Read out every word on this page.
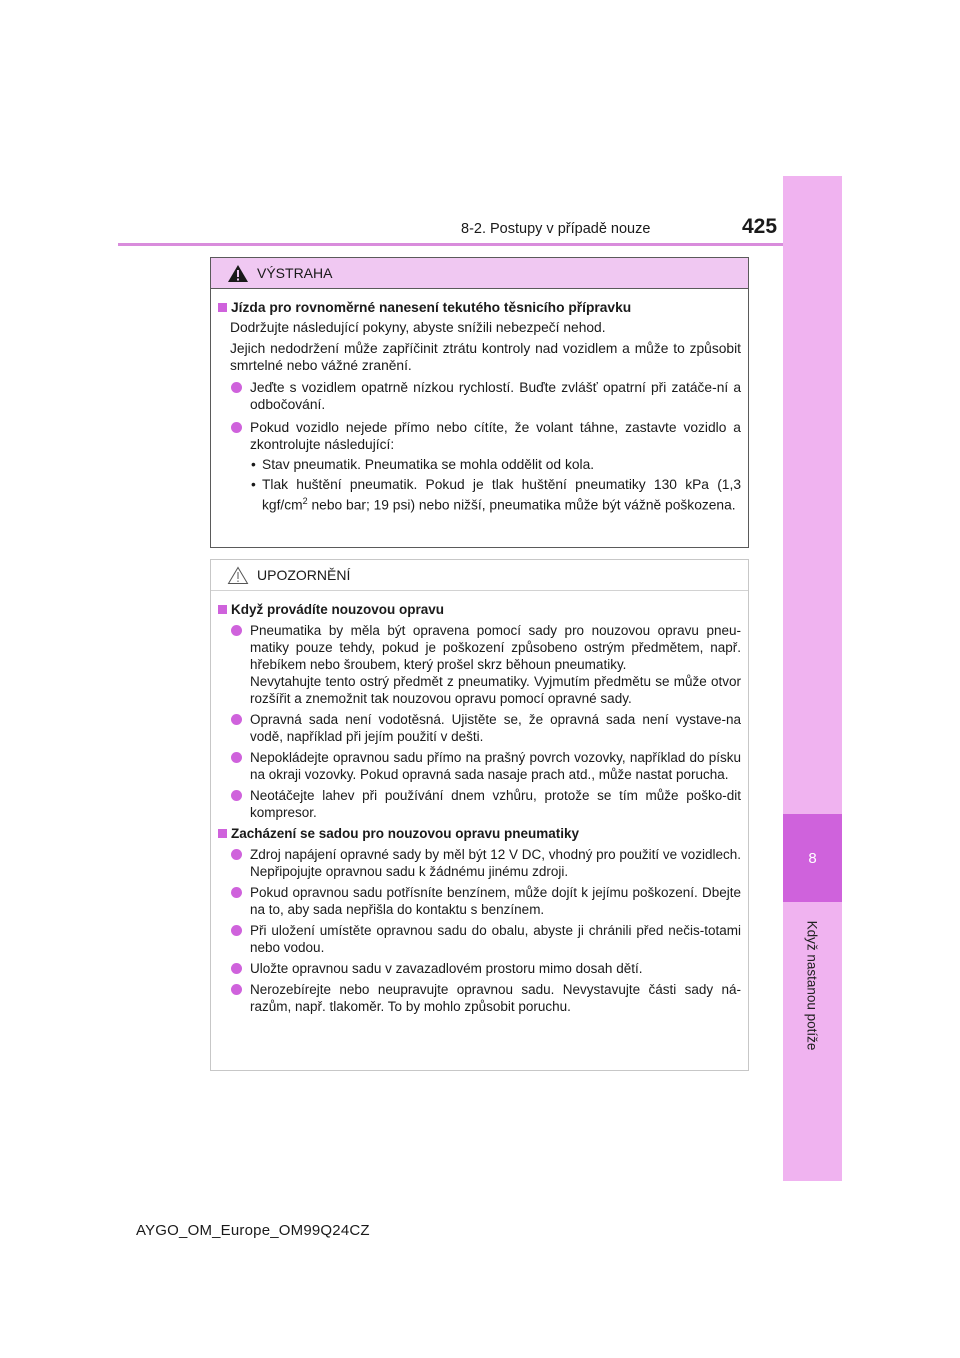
8-2. Postupy v případě nouze	425
8
Když nastanou potíže
VÝSTRAHA
Jízda pro rovnoměrné nanesení tekutého těsnicího přípravku
Dodržujte následující pokyny, abyste snížili nebezpečí nehod.
Jejich nedodržení může zapříčinit ztrátu kontroly nad vozidlem a může to způsobit smrtelné nebo vážné zranění.
Jeďte s vozidlem opatrně nízkou rychlostí. Buďte zvlášť opatrní při zatáče-ní a odbočování.
Pokud vozidlo nejede přímo nebo cítíte, že volant táhne, zastavte vozidlo a zkontrolujte následující:
• Stav pneumatik. Pneumatika se mohla oddělit od kola.
• Tlak huštění pneumatik. Pokud je tlak huštění pneumatiky 130 kPa (1,3 kgf/$cm^2$ nebo bar; 19 psi) nebo nižší, pneumatika může být vážně poškozena.
UPOZORNĚNÍ
Když provádíte nouzovou opravu
Pneumatika by měla být opravena pomocí sady pro nouzovou opravu pneu-matiky pouze tehdy, pokud je poškození způsobeno ostrým předmětem, např. hřebíkem nebo šroubem, který prošel skrz běhoun pneumatiky.
Nevytahujte tento ostrý předmět z pneumatiky. Vyjmutím předmětu se může otvor rozšířit a znemožnit tak nouzovou opravu pomocí opravné sady.
Opravná sada není vodotěsná. Ujistěte se, že opravná sada není vystave-na vodě, například při jejím použití v dešti.
Nepokládejte opravnou sadu přímo na prašný povrch vozovky, například do písku na okraji vozovky. Pokud opravná sada nasaje prach atd., může nastat porucha.
Neotáčejte lahev při používání dnem vzhůru, protože se tím může poško-dit kompresor.
Zacházení se sadou pro nouzovou opravu pneumatiky
Zdroj napájení opravné sady by měl být 12 V DC, vhodný pro použití ve vozidlech. Nepřipojujte opravnou sadu k žádnému jinému zdroji.
Pokud opravnou sadu potřísníte benzínem, může dojít k jejímu poškození. Dbejte na to, aby sada nepřišla do kontaktu s benzínem.
Při uložení umístěte opravnou sadu do obalu, abyste ji chránili před nečis-totami nebo vodou.
Uložte opravnou sadu v zavazadlovém prostoru mimo dosah dětí.
Nerozebírejte nebo neupravujte opravnou sadu. Nevystavujte části sady ná-razům, např. tlakoměr. To by mohlo způsobit poruchu.
AYGO_OM_Europe_OM99Q24CZ
